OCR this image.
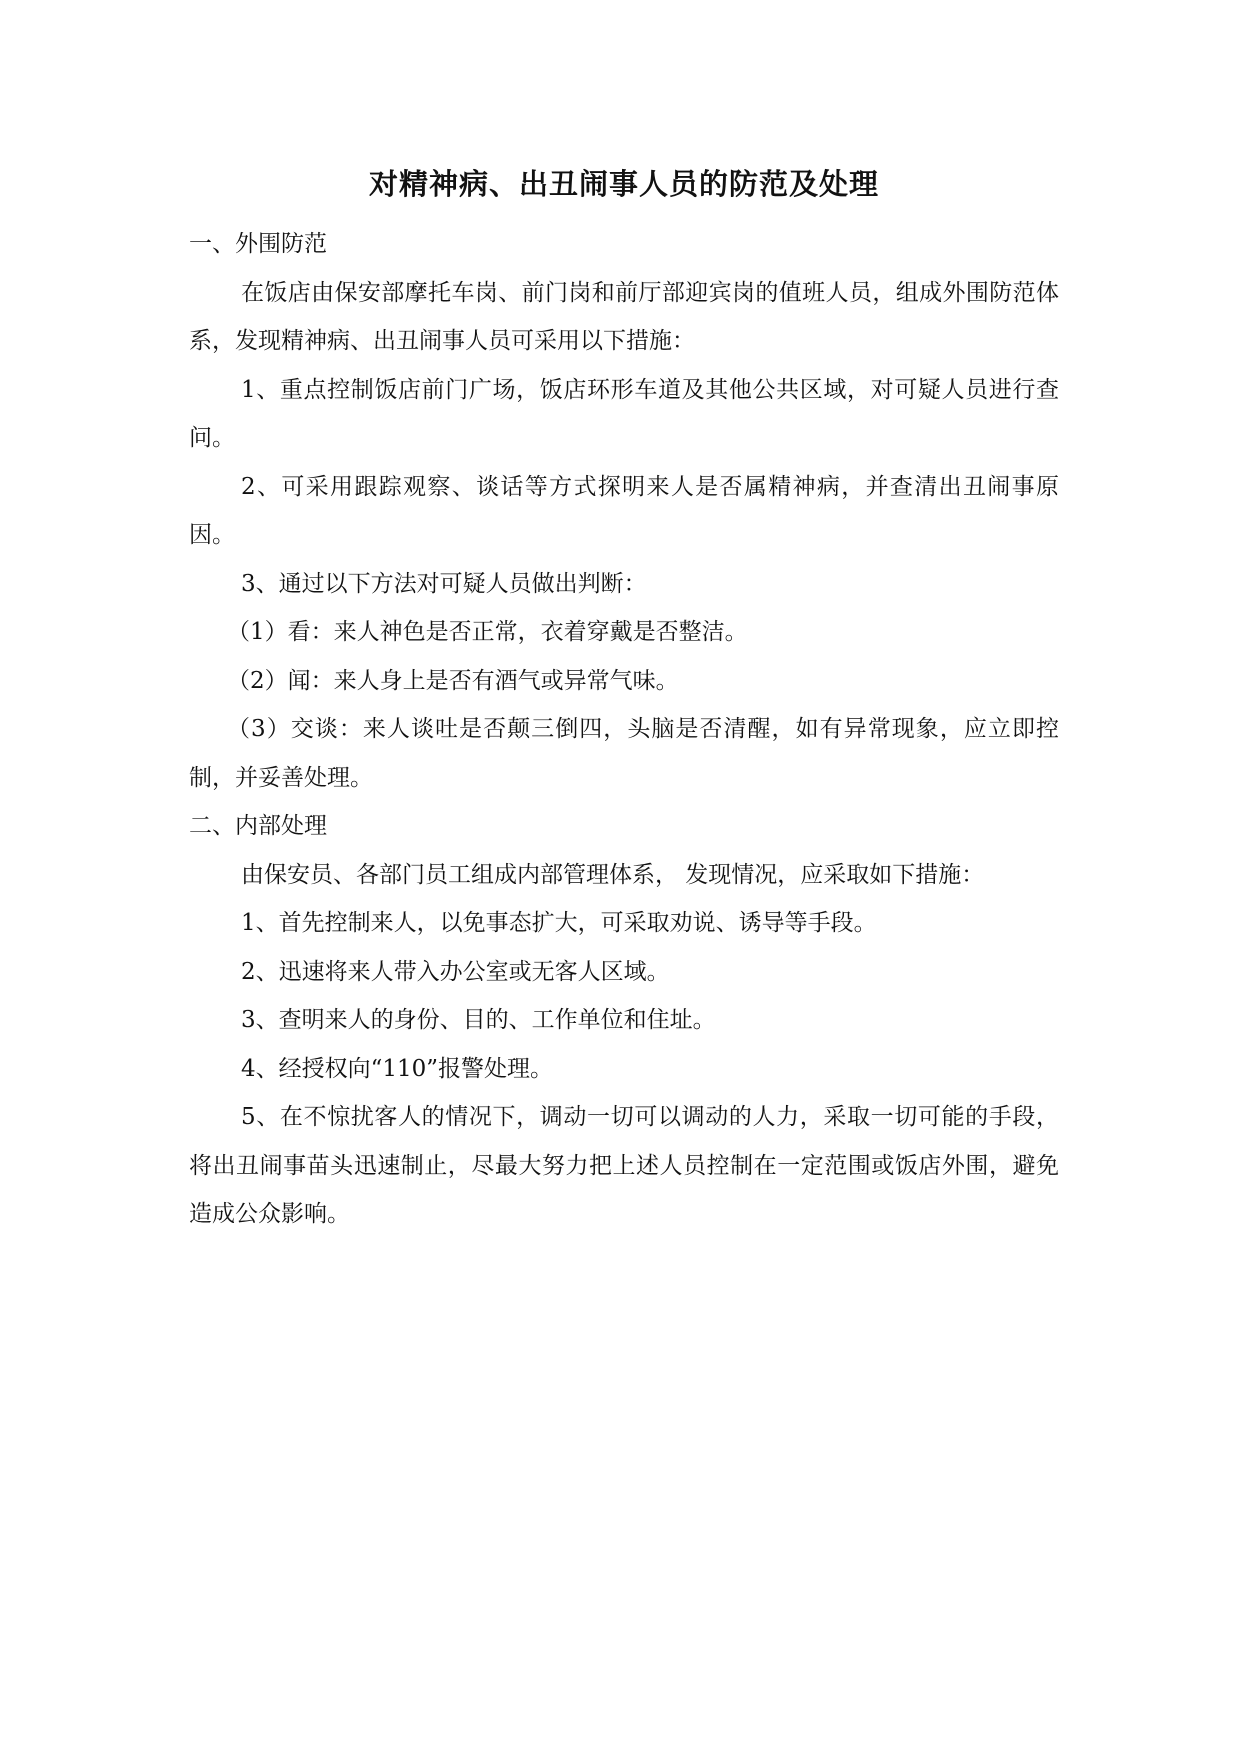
对精神病、出丑闹事人员的防范及处理

一、外围防范

在饭店由保安部摩托车岗、前门岗和前厅部迎宾岗的值班人员，组成外围防范体系，发现精神病、出丑闹事人员可采用以下措施：

1、重点控制饭店前门广场，饭店环形车道及其他公共区域，对可疑人员进行查问。

2、可采用跟踪观察、谈话等方式探明来人是否属精神病，并查清出丑闹事原因。

3、通过以下方法对可疑人员做出判断：

（1）看：来人神色是否正常，衣着穿戴是否整洁。

（2）闻：来人身上是否有酒气或异常气味。

（3）交谈：来人谈吐是否颠三倒四，头脑是否清醒，如有异常现象，应立即控制，并妥善处理。

二、内部处理

由保安员、各部门员工组成内部管理体系， 发现情况，应采取如下措施：

1、首先控制来人，以免事态扩大，可采取劝说、诱导等手段。

2、迅速将来人带入办公室或无客人区域。

3、查明来人的身份、目的、工作单位和住址。

4、经授权向“110”报警处理。

5、在不惊扰客人的情况下，调动一切可以调动的人力，采取一切可能的手段，将出丑闹事苗头迅速制止，尽最大努力把上述人员控制在一定范围或饭店外围，避免造成公众影响。
